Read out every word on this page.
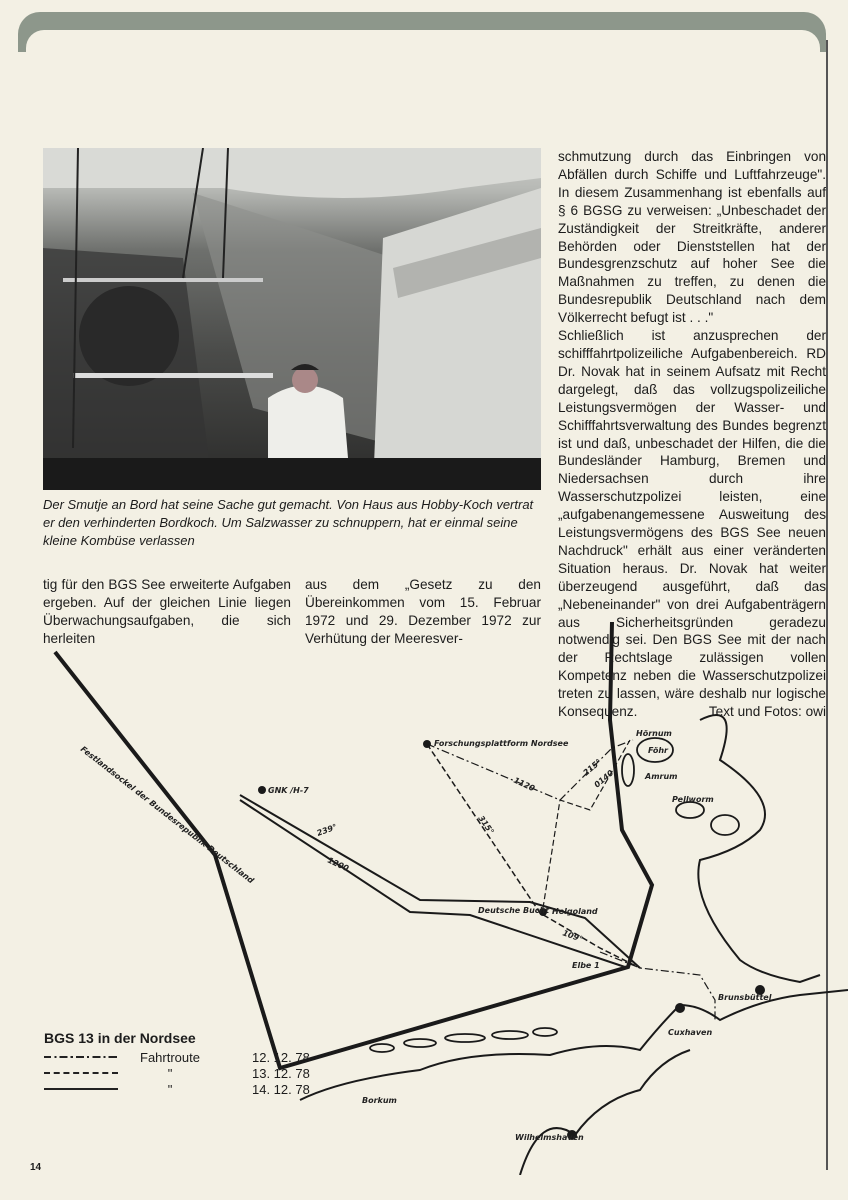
Der Smutje an Bord hat seine Sache gut gemacht. Von Haus aus Hobby-Koch vertrat er den verhinderten Bordkoch. Um Salzwasser zu schnuppern, hat er einmal seine kleine Kombüse verlassen

tig für den BGS See erweiterte Aufgaben ergeben. Auf der gleichen Linie liegen Überwachungsaufgaben, die sich herleiten

aus dem „Gesetz zu den Übereinkommen vom 15. Februar 1972 und 29. Dezember 1972 zur Verhütung der Meeresver-

schmutzung durch das Einbringen von Abfällen durch Schiffe und Luftfahrzeuge". In diesem Zusammenhang ist ebenfalls auf § 6 BGSG zu verweisen: „Unbeschadet der Zuständigkeit der Streitkräfte, anderer Behörden oder Dienststellen hat der Bundesgrenzschutz auf hoher See die Maßnahmen zu treffen, zu denen die Bundesrepublik Deutschland nach dem Völkerrecht befugt ist . . ."

Schließlich ist anzusprechen der schifffahrtpolizeiliche Aufgabenbereich. RD Dr. Novak hat in seinem Aufsatz mit Recht dargelegt, daß das vollzugspolizeiliche Leistungsvermögen der Wasser- und Schifffahrtsverwaltung des Bundes begrenzt ist und daß, unbeschadet der Hilfen, die die Bundesländer Hamburg, Bremen und Niedersachsen durch ihre Wasserschutzpolizei leisten, eine „aufgabenangemessene Ausweitung des Leistungsvermögens des BGS See neuen Nachdruck" erhält aus einer veränderten Situation heraus. Dr. Novak hat weiter überzeugend ausgeführt, daß das „Nebeneinander" von drei Aufgabenträgern aus Sicherheitsgründen geradezu notwendig sei. Den BGS See mit der nach der Rechtslage zulässigen vollen Kompetenz neben die Wasserschutzpolizei treten zu lassen, wäre deshalb nur logische Konsequenz.	Text und Fotos: owi

Festlandsockel der Bundesrepublik Deutschland GNK /H-7
Forschungsplattform Nordsee
Helgoland
Deutsche Bucht
Elbe 1
Cuxhaven
Brunsbüttel
Wilhelmshaven
Borkum
Hörnum
Föhr
Amrum
Pellworm
239°
1200
315°
1120
215°
0140
109°
BGS 13 in der Nordsee
Fahrtroute	12. 12. 78
"	13. 12. 78
"	14. 12. 78
14
